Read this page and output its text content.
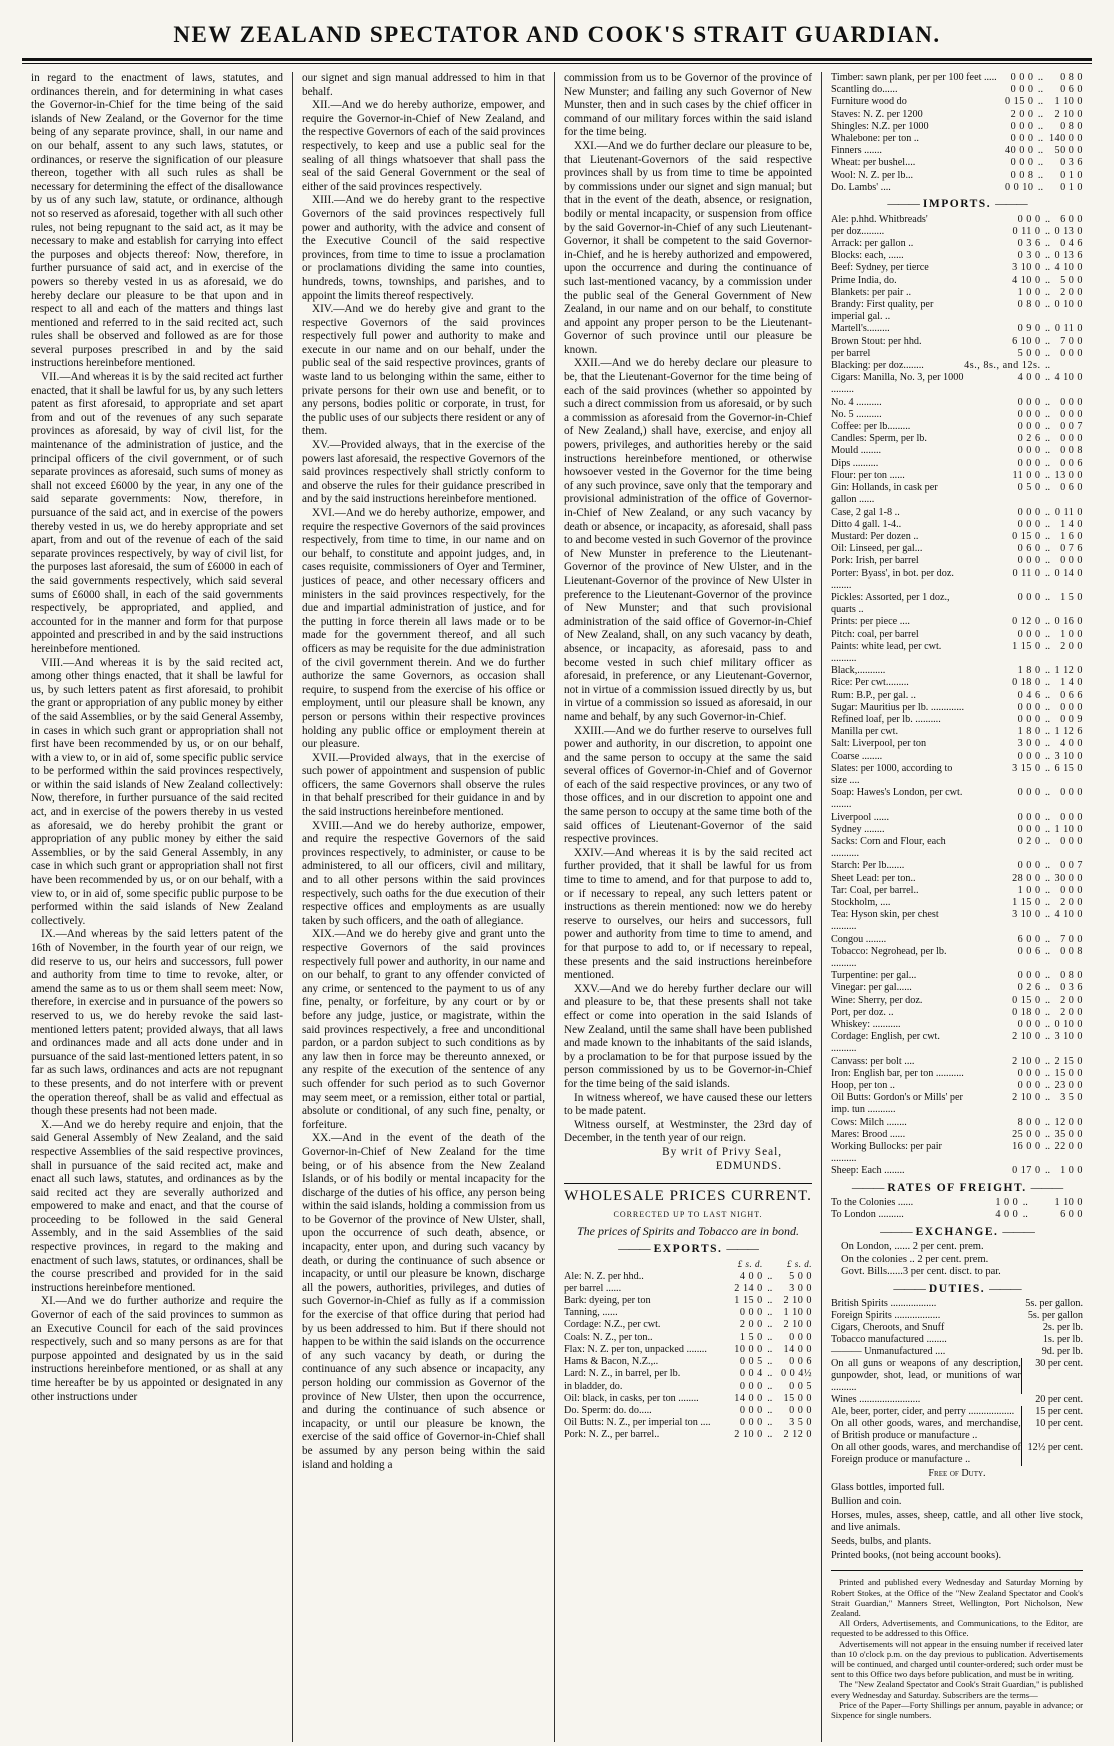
NEW ZEALAND SPECTATOR AND COOK'S STRAIT GUARDIAN.

in regard to the enactment of laws, statutes, and ordinances therein, and for determining in what cases the Governor-in-Chief for the time being of the said islands of New Zealand, or the Governor for the time being of any separate province, shall, in our name and on our behalf, assent to any such laws, statutes, or ordinances, or reserve the signification of our pleasure thereon, together with all such rules as shall be necessary for determining the effect of the disallowance by us of any such law, statute, or ordinance, although not so reserved as aforesaid, together with all such other rules, not being repugnant to the said act, as it may be necessary to make and establish for carrying into effect the purposes and objects thereof: Now, therefore, in further pursuance of said act, and in exercise of the powers so thereby vested in us as aforesaid, we do hereby declare our pleasure to be that upon and in respect to all and each of the matters and things last mentioned and referred to in the said recited act, such rules shall be observed and followed as are for those several purposes prescribed in and by the said instructions hereinbefore mentioned.

VII.—And whereas it is by the said recited act further enacted, that it shall be lawful for us, by any such letters patent as first aforesaid, to appropriate and set apart from and out of the revenues of any such separate provinces as aforesaid, by way of civil list, for the maintenance of the administration of justice, and the principal officers of the civil government, or of such separate provinces as aforesaid, such sums of money as shall not exceed £6000 by the year, in any one of the said separate governments: Now, therefore, in pursuance of the said act, and in exercise of the powers thereby vested in us, we do hereby appropriate and set apart, from and out of the revenue of each of the said separate provinces respectively, by way of civil list, for the purposes last aforesaid, the sum of £6000 in each of the said governments respectively, which said several sums of £6000 shall, in each of the said governments respectively, be appropriated, and applied, and accounted for in the manner and form for that purpose appointed and prescribed in and by the said instructions hereinbefore mentioned.

VIII.—And whereas it is by the said recited act, among other things enacted, that it shall be lawful for us, by such letters patent as first aforesaid, to prohibit the grant or appropriation of any public money by either of the said Assemblies, or by the said General Assemby, in cases in which such grant or appropriation shall not first have been recommended by us, or on our behalf, with a view to, or in aid of, some specific public service to be performed within the said provinces respectively, or within the said islands of New Zealand collectively: Now, therefore, in further pursuance of the said recited act, and in exercise of the powers thereby in us vested as aforesaid, we do hereby prohibit the grant or appropriation of any public money by either the said Assemblies, or by the said General Assembly, in any case in which such grant or appropriation shall not first have been recommended by us, or on our behalf, with a view to, or in aid of, some specific public purpose to be performed within the said islands of New Zealand collectively.

IX.—And whereas by the said letters patent of the 16th of November, in the fourth year of our reign, we did reserve to us, our heirs and successors, full power and authority from time to time to revoke, alter, or amend the same as to us or them shall seem meet: Now, therefore, in exercise and in pursuance of the powers so reserved to us, we do hereby revoke the said last-mentioned letters patent; provided always, that all laws and ordinances made and all acts done under and in pursuance of the said last-mentioned letters patent, in so far as such laws, ordinances and acts are not repugnant to these presents, and do not interfere with or prevent the operation thereof, shall be as valid and effectual as though these presents had not been made.

X.—And we do hereby require and enjoin, that the said General Assembly of New Zealand, and the said respective Assemblies of the said respective provinces, shall in pursuance of the said recited act, make and enact all such laws, statutes, and ordinances as by the said recited act they are severally authorized and empowered to make and enact, and that the course of proceeding to be followed in the said General Assembly, and in the said Assemblies of the said respective provinces, in regard to the making and enactment of such laws, statutes, or ordinances, shall be the course prescribed and provided for in the said instructions hereinbefore mentioned.

XI.—And we do further authorize and require the Governor of each of the said provinces to summon as an Executive Council for each of the said provinces respectively, such and so many persons as are for that purpose appointed and designated by us in the said instructions hereinbefore mentioned, or as shall at any time hereafter be by us appointed or designated in any other instructions under

our signet and sign manual addressed to him in that behalf.

XII.—And we do hereby authorize, empower, and require the Governor-in-Chief of New Zealand, and the respective Governors of each of the said provinces respectively, to keep and use a public seal for the sealing of all things whatsoever that shall pass the seal of the said General Government or the seal of either of the said provinces respectively.

XIII.—And we do hereby grant to the respective Governors of the said provinces respectively full power and authority, with the advice and consent of the Executive Council of the said respective provinces, from time to time to issue a proclamation or proclamations dividing the same into counties, hundreds, towns, townships, and parishes, and to appoint the limits thereof respectively.

XIV.—And we do hereby give and grant to the respective Governors of the said provinces respectively full power and authority to make and execute in our name and on our behalf, under the public seal of the said respective provinces, grants of waste land to us belonging within the same, either to private persons for their own use and benefit, or to any persons, bodies politic or corporate, in trust, for the public uses of our subjects there resident or any of them.

XV.—Provided always, that in the exercise of the powers last aforesaid, the respective Governors of the said provinces respectively shall strictly conform to and observe the rules for their guidance prescribed in and by the said instructions hereinbefore mentioned.

XVI.—And we do hereby authorize, empower, and require the respective Governors of the said provinces respectively, from time to time, in our name and on our behalf, to constitute and appoint judges, and, in cases requisite, commissioners of Oyer and Terminer, justices of peace, and other necessary officers and ministers in the said provinces respectively, for the due and impartial administration of justice, and for the putting in force therein all laws made or to be made for the government thereof, and all such officers as may be requisite for the due administration of the civil government therein. And we do further authorize the same Governors, as occasion shall require, to suspend from the exercise of his office or employment, until our pleasure shall be known, any person or persons within their respective provinces holding any public office or employment therein at our pleasure.

XVII.—Provided always, that in the exercise of such power of appointment and suspension of public officers, the same Governors shall observe the rules in that behalf prescribed for their guidance in and by the said instructions hereinbefore mentioned.

XVIII.—And we do hereby authorize, empower, and require the respective Governors of the said provinces respectively, to administer, or cause to be administered, to all our officers, civil and military, and to all other persons within the said provinces respectively, such oaths for the due execution of their respective offices and employments as are usually taken by such officers, and the oath of allegiance.

XIX.—And we do hereby give and grant unto the respective Governors of the said provinces respectively full power and authority, in our name and on our behalf, to grant to any offender convicted of any crime, or sentenced to the payment to us of any fine, penalty, or forfeiture, by any court or by or before any judge, justice, or magistrate, within the said provinces respectively, a free and unconditional pardon, or a pardon subject to such conditions as by any law then in force may be thereunto annexed, or any respite of the execution of the sentence of any such offender for such period as to such Governor may seem meet, or a remission, either total or partial, absolute or conditional, of any such fine, penalty, or forfeiture.

XX.—And in the event of the death of the Governor-in-Chief of New Zealand for the time being, or of his absence from the New Zealand Islands, or of his bodily or mental incapacity for the discharge of the duties of his office, any person being within the said islands, holding a commission from us to be Governor of the province of New Ulster, shall, upon the occurrence of such death, absence, or incapacity, enter upon, and during such vacancy by death, or during the continuance of such absence or incapacity, or until our pleasure be known, discharge all the powers, authorities, privileges, and duties of such Governor-in-Chief as fully as if a commission for the exercise of that office during that period had by us been addressed to him. But if there should not happen to be within the said islands on the occurrence of any such vacancy by death, or during the continuance of any such absence or incapacity, any person holding our commission as Governor of the province of New Ulster, then upon the occurrence, and during the continuance of such absence or incapacity, or until our pleasure be known, the exercise of the said office of Governor-in-Chief shall be assumed by any person being within the said island and holding a

commission from us to be Governor of the province of New Munster; and failing any such Governor of New Munster, then and in such cases by the chief officer in command of our military forces within the said island for the time being.

XXI.—And we do further declare our pleasure to be, that Lieutenant-Governors of the said respective provinces shall by us from time to time be appointed by commissions under our signet and sign manual; but that in the event of the death, absence, or resignation, bodily or mental incapacity, or suspension from office by the said Governor-in-Chief of any such Lieutenant-Governor, it shall be competent to the said Governor-in-Chief, and he is hereby authorized and empowered, upon the occurrence and during the continuance of such last-mentioned vacancy, by a commission under the public seal of the General Government of New Zealand, in our name and on our behalf, to constitute and appoint any proper person to be the Lieutenant-Governor of such province until our pleasure be known.

XXII.—And we do hereby declare our pleasure to be, that the Lieutenant-Governor for the time being of each of the said provinces (whether so appointed by such a direct commission from us aforesaid, or by such a commission as aforesaid from the Governor-in-Chief of New Zealand,) shall have, exercise, and enjoy all powers, privileges, and authorities hereby or the said instructions hereinbefore mentioned, or otherwise howsoever vested in the Governor for the time being of any such province, save only that the temporary and provisional administration of the office of Governor-in-Chief of New Zealand, or any such vacancy by death or absence, or incapacity, as aforesaid, shall pass to and become vested in such Governor of the province of New Munster in preference to the Lieutenant-Governor of the province of New Ulster, and in the Lieutenant-Governor of the province of New Ulster in preference to the Lieutenant-Governor of the province of New Munster; and that such provisional administration of the said office of Governor-in-Chief of New Zealand, shall, on any such vacancy by death, absence, or incapacity, as aforesaid, pass to and become vested in such chief military officer as aforesaid, in preference, or any Lieutenant-Governor, not in virtue of a commission issued directly by us, but in virtue of a commission so issued as aforesaid, in our name and behalf, by any such Governor-in-Chief.

XXIII.—And we do further reserve to ourselves full power and authority, in our discretion, to appoint one and the same person to occupy at the same the said several offices of Governor-in-Chief and of Governor of each of the said respective provinces, or any two of those offices, and in our discretion to appoint one and the same person to occupy at the same time both of the said offices of Lieutenant-Governor of the said respective provinces.

XXIV.—And whereas it is by the said recited act further provided, that it shall be lawful for us from time to time to amend, and for that purpose to add to, or if necessary to repeal, any such letters patent or instructions as therein mentioned: now we do hereby reserve to ourselves, our heirs and successors, full power and authority from time to time to amend, and for that purpose to add to, or if necessary to repeal, these presents and the said instructions hereinbefore mentioned.

XXV.—And we do hereby further declare our will and pleasure to be, that these presents shall not take effect or come into operation in the said Islands of New Zealand, until the same shall have been published and made known to the inhabitants of the said islands, by a proclamation to be for that purpose issued by the person commissioned by us to be Governor-in-Chief for the time being of the said islands.

In witness whereof, we have caused these our letters to be made patent.

Witness ourself, at Westminster, the 23rd day of December, in the tenth year of our reign.

By writ of Privy Seal,

EDMUNDS.

WHOLESALE PRICES CURRENT.
CORRECTED UP TO LAST NIGHT.
The prices of Spirits and Tobacco are in bond.
——— EXPORTS. ———
	£ s. d.		£ s. d.
Ale: N. Z. per hhd..	4 0 0	..	5 0 0
per barrel ......	2 14 0	..	3 0 0
Bark: dyeing, per ton	1 15 0	..	2 10 0
Tanning, ......	0 0 0	..	1 10 0
Cordage: N.Z., per cwt.	2 0 0	..	2 10 0
Coals: N. Z., per ton..	1 5 0	..	0 0 0
Flax: N. Z. per ton, unpacked ........	10 0 0	..	14 0 0
Hams & Bacon, N.Z.,..	0 0 5	..	0 0 6
Lard: N. Z., in barrel, per lb.	0 0 4	..	0 0 4½
in bladder, do.	0 0 0	..	0 0 5
Oil: black, in casks, per ton ........	14 0 0	..	15 0 0
Do. Sperm: do. do.....	0 0 0	..	0 0 0
Oil Butts: N. Z., per imperial ton ....	0 0 0	..	3 5 0
Pork: N. Z., per barrel..	2 10 0	..	2 12 0
Timber: sawn plank, per per 100 feet .....	0 0 0	..	0 8 0
Scantling do......	0 0 0	..	0 6 0
Furniture wood do	0 15 0	..	1 10 0
Staves: N. Z. per 1200	2 0 0	..	2 10 0
Shingles: N.Z. per 1000	0 0 0	..	0 8 0
Whalebone: per ton ..	0 0 0	..	140 0 0
Finners .......	40 0 0	..	50 0 0
Wheat: per bushel....	0 0 0	..	0 3 6
Wool: N. Z. per lb...	0 0 8	..	0 1 0
Do. Lambs' ....	0 0 10	..	0 1 0
——— IMPORTS. ———
Ale: p.hhd. Whitbreads'	0 0 0	..	6 0 0
per doz.........	0 11 0	..	0 13 0
Arrack: per gallon ..	0 3 6	..	0 4 6
Blocks: each, ......	0 3 0	..	0 13 6
Beef: Sydney, per tierce	3 10 0	..	4 10 0
Prime India, do.	4 10 0	..	5 0 0
Blankets: per pair ..	1 0 0	..	2 0 0
Brandy: First quality, per imperial gal. ..	0 8 0	..	0 10 0
Martell's.........	0 9 0	..	0 11 0
Brown Stout: per hhd.	6 10 0	..	7 0 0
per barrel	5 0 0	..	0 0 0
Blacking: per doz........	4s., 8s., and 12s.	..	
Cigars: Manilla, No. 3, per 1000 .........	4 0 0	..	4 10 0
No. 4 ..........	0 0 0	..	0 0 0
No. 5 ..........	0 0 0	..	0 0 0
Coffee: per lb.........	0 0 0	..	0 0 7
Candles: Sperm, per lb.	0 2 6	..	0 0 0
Mould ........	0 0 0	..	0 0 8
Dips ..........	0 0 0	..	0 0 6
Flour: per ton ......	11 0 0	..	13 0 0
Gin: Hollands, in cask per gallon ......	0 5 0	..	0 6 0
Case, 2 gal 1-8 ..	0 0 0	..	0 11 0
Ditto 4 gall. 1-4..	0 0 0	..	1 4 0
Mustard: Per dozen ..	0 15 0	..	1 6 0
Oil: Linseed, per gal...	0 6 0	..	0 7 6
Pork: Irish, per barrel	0 0 0	..	0 0 0
Porter: Byass', in bot. per doz. ........	0 11 0	..	0 14 0
Pickles: Assorted, per 1 doz., quarts ..	0 0 0	..	1 5 0
Prints: per piece ....	0 12 0	..	0 16 0
Pitch: coal, per barrel	0 0 0	..	1 0 0
Paints: white lead, per cwt. ..........	1 15 0	..	2 0 0
Black,...........	1 8 0	..	1 12 0
Rice: Per cwt.........	0 18 0	..	1 4 0
Rum: B.P., per gal. ..	0 4 6	..	0 6 6
Sugar: Mauritius per lb. .............	0 0 0	..	0 0 0
Refined loaf, per lb. ..........	0 0 0	..	0 0 9
Manilla per cwt.	1 8 0	..	1 12 6
Salt: Liverpool, per ton	3 0 0	..	4 0 0
Coarse ........	0 0 0	..	3 10 0
Slates: per 1000, according to size ....	3 15 0	..	6 15 0
Soap: Hawes's London, per cwt. ........	0 0 0	..	0 0 0
Liverpool ......	0 0 0	..	0 0 0
Sydney ........	0 0 0	..	1 10 0
Sacks: Corn and Flour, each ...........	0 2 0	..	0 0 0
Starch: Per lb.......	0 0 0	..	0 0 7
Sheet Lead: per ton..	28 0 0	..	30 0 0
Tar: Coal, per barrel..	1 0 0	..	0 0 0
Stockholm, ....	1 15 0	..	2 0 0
Tea: Hyson skin, per chest ..........	3 10 0	..	4 10 0
Congou ........	6 0 0	..	7 0 0
Tobacco: Negrohead, per lb. ..........	0 0 6	..	0 0 8
Turpentine: per gal...	0 0 0	..	0 8 0
Vinegar: per gal......	0 2 6	..	0 3 6
Wine: Sherry, per doz.	0 15 0	..	2 0 0
Port, per doz. ..	0 18 0	..	2 0 0
Whiskey: ...........	0 0 0	..	0 10 0
Cordage: English, per cwt. ..........	2 10 0	..	3 10 0
Canvass: per bolt ....	2 10 0	..	2 15 0
Iron: English bar, per ton ...........	0 0 0	..	15 0 0
Hoop, per ton ..	0 0 0	..	23 0 0
Oil Butts: Gordon's or Mills' per imp. tun ...........	2 10 0	..	3 5 0
Cows: Milch ........	8 0 0	..	12 0 0
Mares: Brood ......	25 0 0	..	35 0 0
Working Bullocks: per pair ..........	16 0 0	..	22 0 0
Sheep: Each ........	0 17 0	..	1 0 0
——— RATES OF FREIGHT. ———
To the Colonies ......	1 0 0	..	1 10 0
To London ..........	4 0 0	..	6 0 0
——— EXCHANGE. ———
On London, ...... 2 per cent. prem.
On the colonies .. 2 per cent. prem.
Govt. Bills......3 per cent. disct. to par.
——— DUTIES. ———
British Spirits ..................	5s. per gallon.
Foreign Spirits ..................	5s. per gallon
Cigars, Cheroots, and Snuff	2s. per lb.
Tobacco manufactured ........	1s. per lb.
——— Unmanufactured ....	9d. per lb.
On all guns or weapons of any description, gunpowder, shot, lead, or munitions of war ..........	30 per cent.
Wines ........................	20 per cent.
Ale, beer, porter, cider, and perry ..................	15 per cent.
On all other goods, wares, and merchandise, of British produce or manufacture ..	10 per cent.
On all other goods, wares, and merchandise of Foreign produce or manufacture ..	12½ per cent.
Free of Duty.
Glass bottles, imported full.
Bullion and coin.
Horses, mules, asses, sheep, cattle, and all other live stock, and live animals.
Seeds, bulbs, and plants.
Printed books, (not being account books).

Printed and published every Wednesday and Saturday Morning by Robert Stokes, at the Office of the "New Zealand Spectator and Cook's Strait Guardian," Manners Street, Wellington, Port Nicholson, New Zealand.

All Orders, Advertisements, and Communications, to the Editor, are requested to be addressed to this Office.

Advertisements will not appear in the ensuing number if received later than 10 o'clock p.m. on the day previous to publication. Advertisements will be continued, and charged until counter-ordered; such order must be sent to this Office two days before publication, and must be in writing.

The "New Zealand Spectator and Cook's Strait Guardian," is published every Wednesday and Saturday. Subscribers are the terms—

Price of the Paper—Forty Shillings per annum, payable in advance; or Sixpence for single numbers.
